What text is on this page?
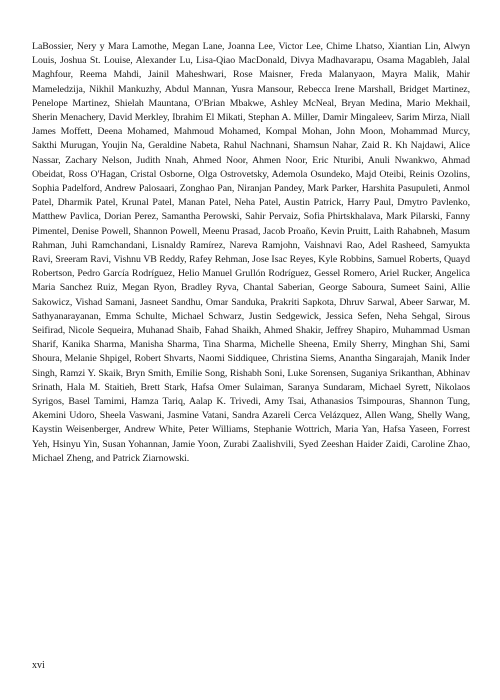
LaBossier, Nery y Mara Lamothe, Megan Lane, Joanna Lee, Victor Lee, Chime Lhatso, Xiantian Lin, Alwyn Louis, Joshua St. Louise, Alexander Lu, Lisa-Qiao MacDonald, Divya Madhavarapu, Osama Magableh, Jalal Maghfour, Reema Mahdi, Jainil Maheshwari, Rose Maisner, Freda Malanyaon, Mayra Malik, Mahir Mameledzija, Nikhil Mankuzhy, Abdul Mannan, Yusra Mansour, Rebecca Irene Marshall, Bridget Martinez, Penelope Martinez, Shielah Mauntana, O'Brian Mbakwe, Ashley McNeal, Bryan Medina, Mario Mekhail, Sherin Menachery, David Merkley, Ibrahim El Mikati, Stephan A. Miller, Damir Mingaleev, Sarim Mirza, Niall James Moffett, Deena Mohamed, Mahmoud Mohamed, Kompal Mohan, John Moon, Mohammad Murcy, Sakthi Murugan, Youjin Na, Geraldine Nabeta, Rahul Nachnani, Shamsun Nahar, Zaid R. Kh Najdawi, Alice Nassar, Zachary Nelson, Judith Nnah, Ahmed Noor, Ahmen Noor, Eric Nturibi, Anuli Nwankwo, Ahmad Obeidat, Ross O'Hagan, Cristal Osborne, Olga Ostrovetsky, Ademola Osundeko, Majd Oteibi, Reinis Ozolins, Sophia Padelford, Andrew Palosaari, Zonghao Pan, Niranjan Pandey, Mark Parker, Harshita Pasupuleti, Anmol Patel, Dharmik Patel, Krunal Patel, Manan Patel, Neha Patel, Austin Patrick, Harry Paul, Dmytro Pavlenko, Matthew Pavlica, Dorian Perez, Samantha Perowski, Sahir Pervaiz, Sofia Phirtskhalava, Mark Pilarski, Fanny Pimentel, Denise Powell, Shannon Powell, Meenu Prasad, Jacob Proaño, Kevin Pruitt, Laith Rahabneh, Masum Rahman, Juhi Ramchandani, Lisnaldy Ramírez, Nareva Ramjohn, Vaishnavi Rao, Adel Rasheed, Samyukta Ravi, Sreeram Ravi, Vishnu VB Reddy, Rafey Rehman, Jose Isac Reyes, Kyle Robbins, Samuel Roberts, Quayd Robertson, Pedro García Rodríguez, Helio Manuel Grullón Rodríguez, Gessel Romero, Ariel Rucker, Angelica Maria Sanchez Ruiz, Megan Ryon, Bradley Ryva, Chantal Saberian, George Saboura, Sumeet Saini, Allie Sakowicz, Vishad Samani, Jasneet Sandhu, Omar Sanduka, Prakriti Sapkota, Dhruv Sarwal, Abeer Sarwar, M. Sathyanarayanan, Emma Schulte, Michael Schwarz, Justin Sedgewick, Jessica Sefen, Neha Sehgal, Sirous Seifirad, Nicole Sequeira, Muhanad Shaib, Fahad Shaikh, Ahmed Shakir, Jeffrey Shapiro, Muhammad Usman Sharif, Kanika Sharma, Manisha Sharma, Tina Sharma, Michelle Sheena, Emily Sherry, Minghan Shi, Sami Shoura, Melanie Shpigel, Robert Shvarts, Naomi Siddiquee, Christina Siems, Anantha Singarajah, Manik Inder Singh, Ramzi Y. Skaik, Bryn Smith, Emilie Song, Rishabh Soni, Luke Sorensen, Suganiya Srikanthan, Abhinav Srinath, Hala M. Staitieh, Brett Stark, Hafsa Omer Sulaiman, Saranya Sundaram, Michael Syrett, Nikolaos Syrigos, Basel Tamimi, Hamza Tariq, Aalap K. Trivedi, Amy Tsai, Athanasios Tsimpouras, Shannon Tung, Akemini Udoro, Sheela Vaswani, Jasmine Vatani, Sandra Azareli Cerca Velázquez, Allen Wang, Shelly Wang, Kaystin Weisenberger, Andrew White, Peter Williams, Stephanie Wottrich, Maria Yan, Hafsa Yaseen, Forrest Yeh, Hsinyu Yin, Susan Yohannan, Jamie Yoon, Zurabi Zaalishvili, Syed Zeeshan Haider Zaidi, Caroline Zhao, Michael Zheng, and Patrick Ziarnowski.

xvi
